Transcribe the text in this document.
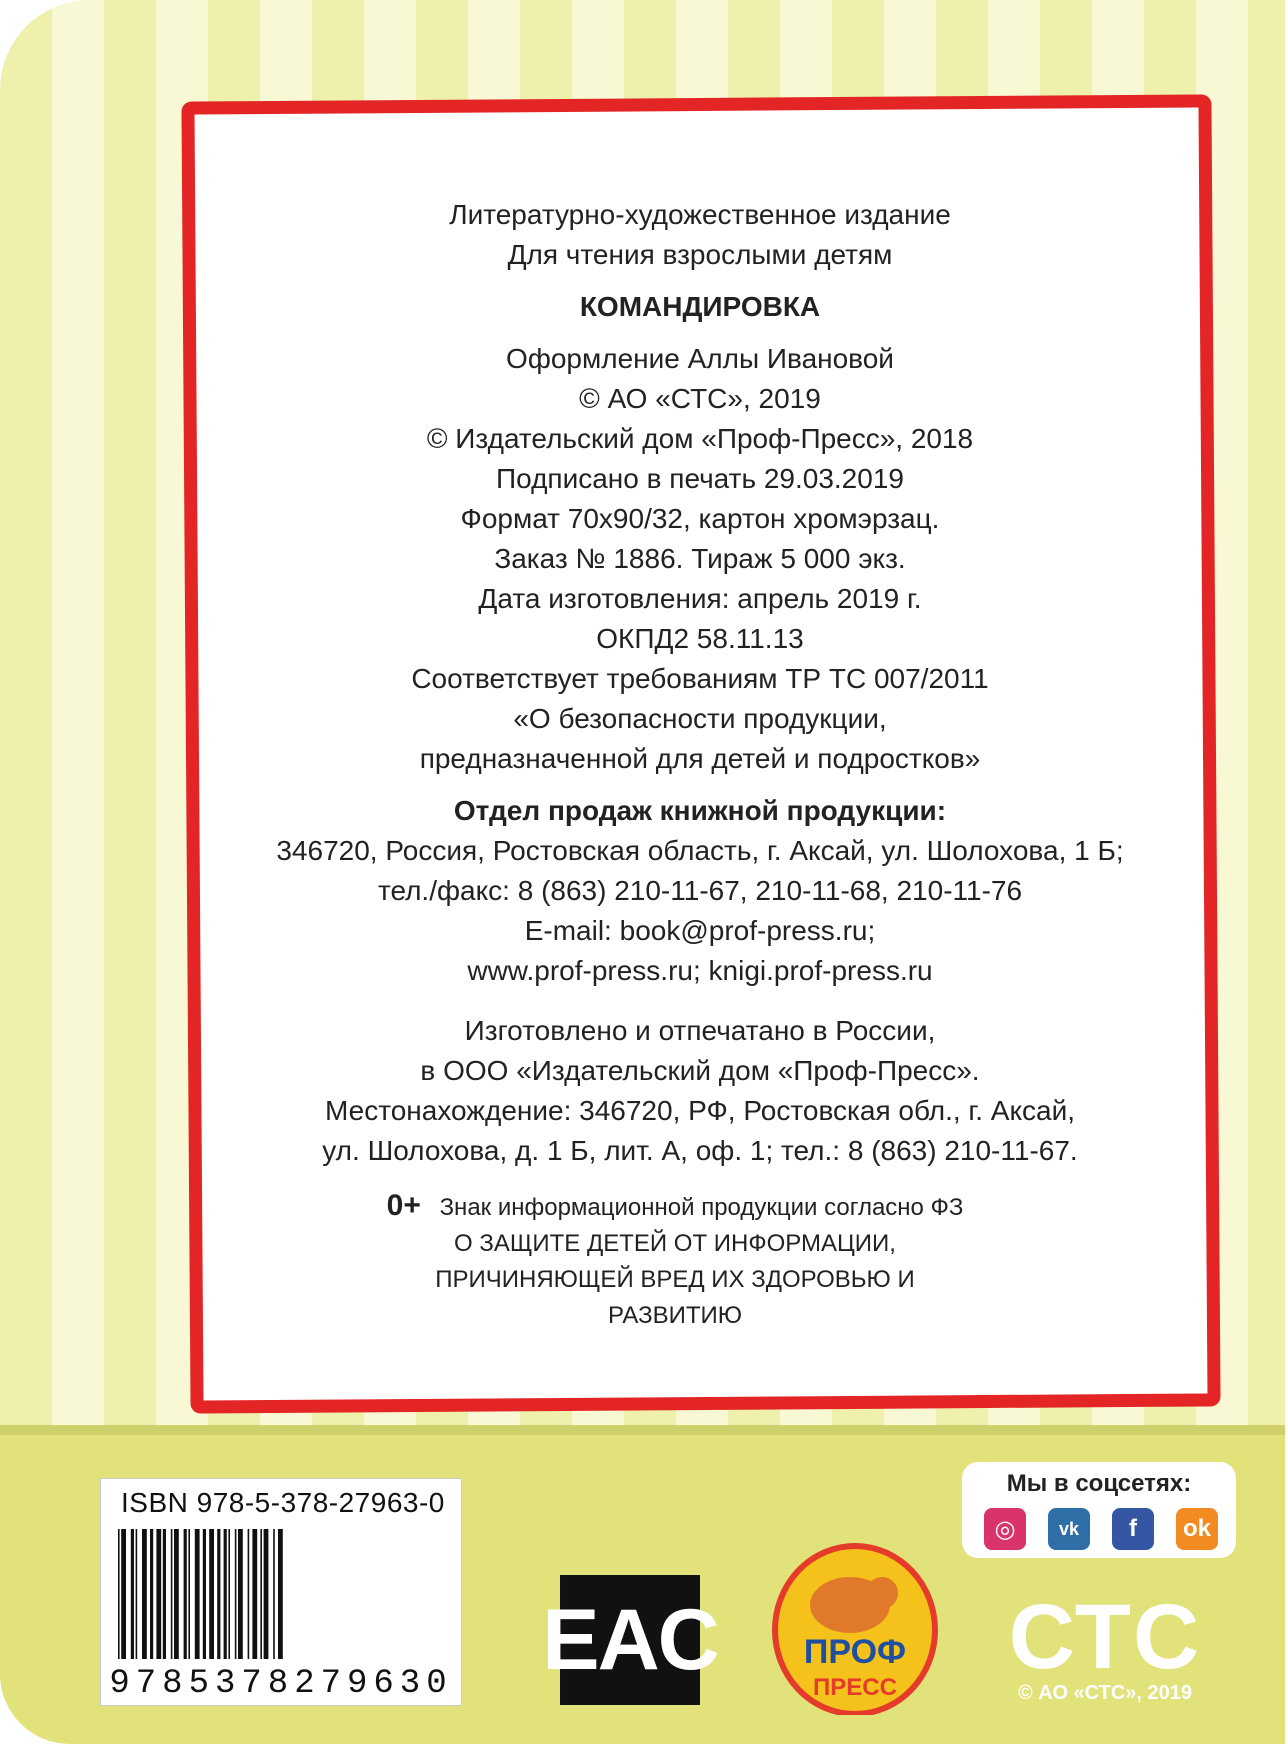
Литературно-художественное издание
Для чтения взрослыми детям
КОМАНДИРОВКА
Оформление Аллы Ивановой
© АО «СТС», 2019
© Издательский дом «Проф-Пресс», 2018
Подписано в печать 29.03.2019
Формат 70x90/32, картон хромэрзац.
Заказ № 1886. Тираж 5 000 экз.
Дата изготовления: апрель 2019 г.
ОКПД2 58.11.13
Соответствует требованиям ТР ТС 007/2011
«О безопасности продукции,
предназначенной для детей и подростков»
Отдел продаж книжной продукции:
346720, Россия, Ростовская область, г. Аксай, ул. Шолохова, 1 Б;
тел./факс: 8 (863) 210-11-67, 210-11-68, 210-11-76
E-mail: book@prof-press.ru;
www.prof-press.ru; knigi.prof-press.ru
Изготовлено и отпечатано в России,
в ООО «Издательский дом «Проф-Пресс».
Местонахождение: 346720, РФ, Ростовская обл., г. Аксай,
ул. Шолохова, д. 1 Б, лит. А, оф. 1; тел.: 8 (863) 210-11-67.
0+ Знак информационной продукции согласно ФЗ
О ЗАЩИТЕ ДЕТЕЙ ОТ ИНФОРМАЦИИ,
ПРИЧИНЯЮЩЕЙ ВРЕД ИХ ЗДОРОВЬЮ И РАЗВИТИЮ
ISBN 978-5-378-27963-0
9785378279630 EAC	ПРОФ
ПРЕСС
Мы в соцсетях:
◎	vk	f	ok
СТС
© АО «СТС», 2019
